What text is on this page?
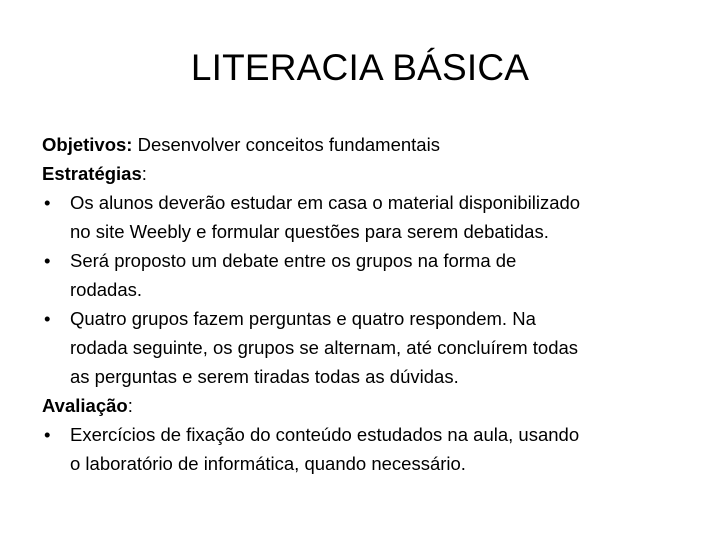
LITERACIA BÁSICA
Objetivos: Desenvolver conceitos fundamentais
Estratégias:
• Os alunos deverão estudar em casa o material disponibilizado
no site Weebly e formular questões para serem debatidas.
• Será proposto um debate entre os grupos na forma de
rodadas.
• Quatro grupos fazem perguntas e quatro respondem. Na
rodada seguinte, os grupos se alternam, até concluírem todas
as perguntas e serem tiradas todas as dúvidas.
Avaliação:
• Exercícios de fixação do conteúdo estudados na aula, usando
o laboratório de informática, quando necessário.
